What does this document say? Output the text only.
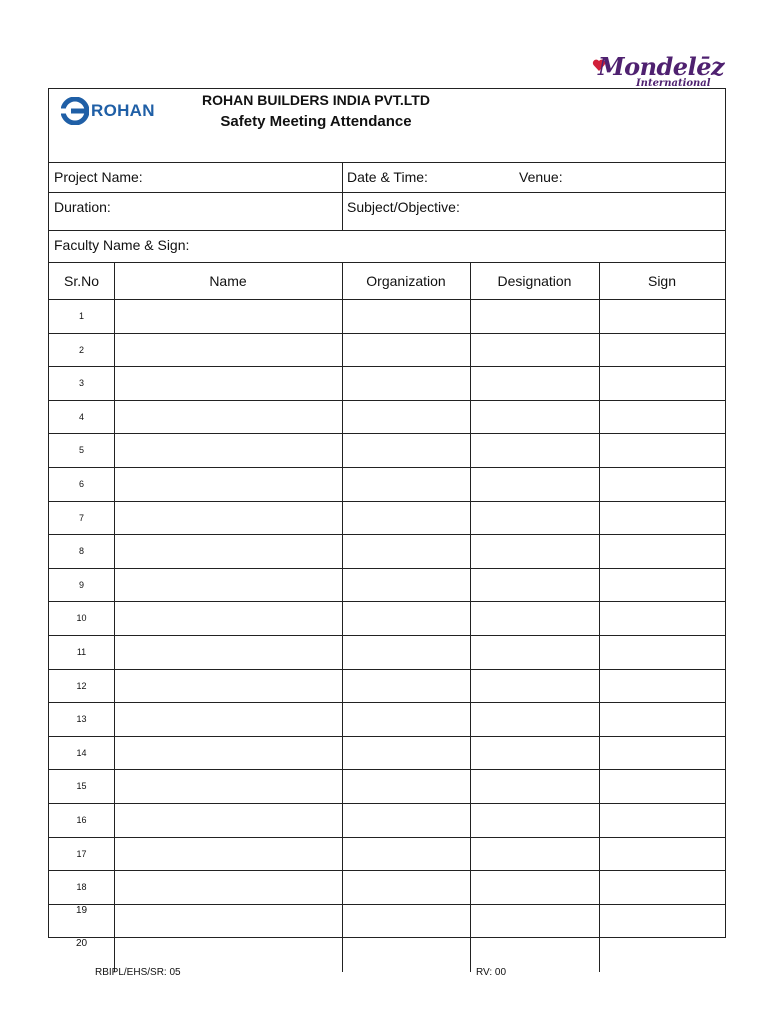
Mondelēz
International
ROHAN
ROHAN BUILDERS INDIA PVT.LTD
Safety Meeting Attendance
Project Name:	Date & Time:	Venue:
Duration:	Subject/Objective:
Faculty Name & Sign:
Sr.No	Name	Organization	Designation	Sign
1
2
3
4
5
6
7
8
9
10
11
12
13
14
15
16
17
18
19
20
RBIPL/EHS/SR: 05	RV: 00
